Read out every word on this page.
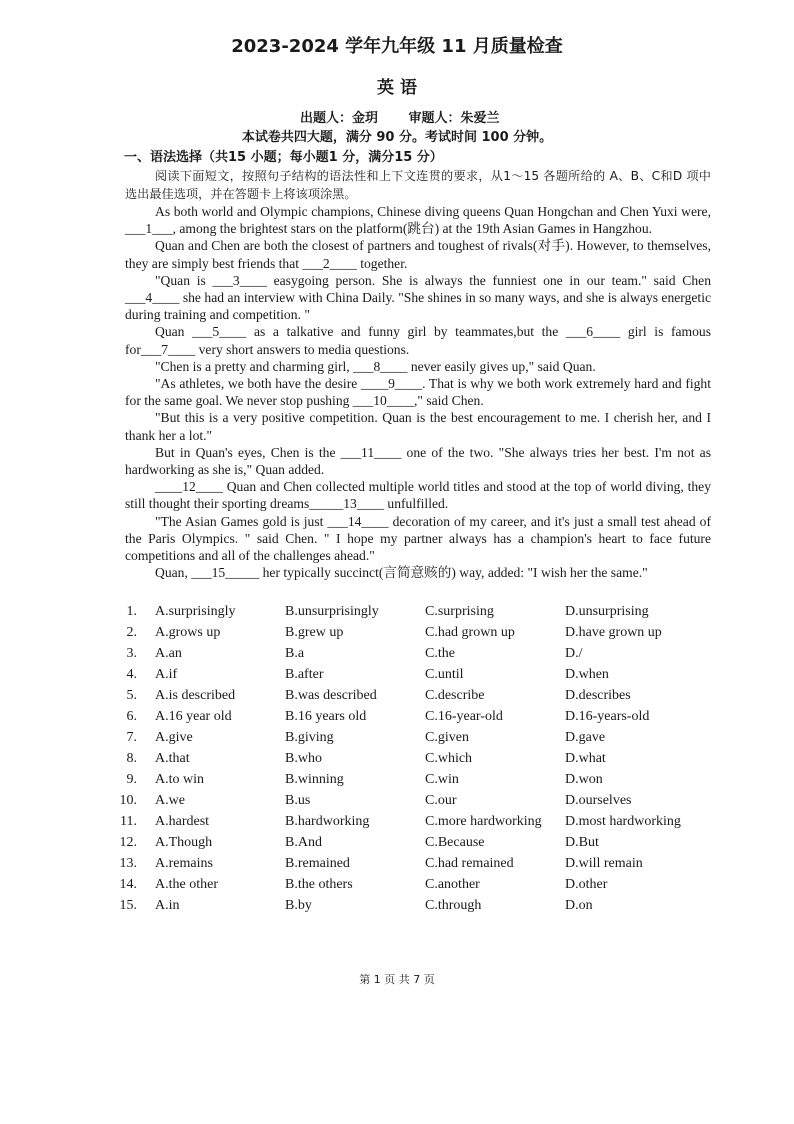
2023-2024 学年九年级 11 月质量检查
英 语
出题人：金玥 审题人：朱爱兰
本试卷共四大题，满分 90 分。考试时间 100 分钟。
一、语法选择（共15 小题；每小题1 分，满分15 分）

阅读下面短文，按照句子结构的语法性和上下文连贯的要求，从1～15 各题所给的 A、B、C和D 项中选出最佳选项，并在答题卡上将该项涂黑。

As both world and Olympic champions, Chinese diving queens Quan Hongchan and Chen Yuxi were, ___1___, among the brightest stars on the platform(跳台) at the 19th Asian Games in Hangzhou.

Quan and Chen are both the closest of partners and toughest of rivals(对手). However, to themselves, they are simply best friends that ___2____ together.

"Quan is ___3____ easygoing person. She is always the funniest one in our team." said Chen ___4____ she had an interview with China Daily. "She shines in so many ways, and she is always energetic during training and competition. "

Quan ___5____ as a talkative and funny girl by teammates,but the ___6____ girl is famous for___7____ very short answers to media questions.

"Chen is a pretty and charming girl, ___8____ never easily gives up," said Quan.

"As athletes, we both have the desire ____9____. That is why we both work extremely hard and fight for the same goal. We never stop pushing ___10____," said Chen.

"But this is a very positive competition. Quan is the best encouragement to me. I cherish her, and I thank her a lot."

But in Quan's eyes, Chen is the ___11____ one of the two. "She always tries her best. I'm not as hardworking as she is," Quan added.

____12____ Quan and Chen collected multiple world titles and stood at the top of world diving, they still thought their sporting dreams_____13____ unfulfilled.

"The Asian Games gold is just ___14____ decoration of my career, and it's just a small test ahead of the Paris Olympics. " said Chen. " I hope my partner always has a champion's heart to face future competitions and all of the challenges ahead."

Quan, ___15_____ her typically succinct(言简意赅的) way, added: "I wish her the same."

1. A.surprisingly	B.unsurprisingly	C.surprising	D.unsurprising
2. A.grows up	B.grew up	C.had grown up	D.have grown up
3. A.an	B.a	C.the	D./
4. A.if	B.after	C.until	D.when
5. A.is described	B.was described	C.describe	D.describes
6. A.16 year old	B.16 years old	C.16-year-old	D.16-years-old
7. A.give	B.giving	C.given	D.gave
8. A.that	B.who	C.which	D.what
9. A.to win	B.winning	C.win	D.won
10. A.we	B.us	C.our	D.ourselves
11. A.hardest	B.hardworking	C.more hardworking D.most hardworking
12. A.Though	B.And	C.Because	D.But
13. A.remains	B.remained	C.had remained	D.will remain
14. A.the other	B.the others	C.another	D.other
15. A.in	B.by	C.through	D.on
第 1 页 共 7 页
